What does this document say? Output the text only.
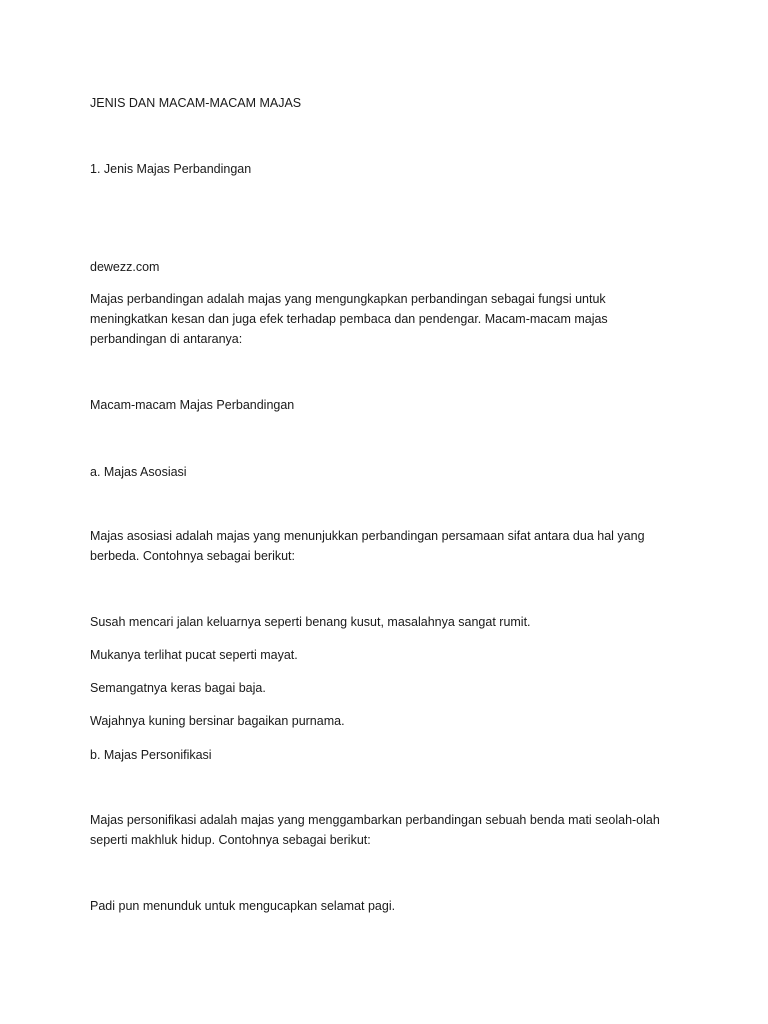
JENIS DAN MACAM-MACAM MAJAS

1. Jenis Majas Perbandingan

dewezz.com

Majas perbandingan adalah majas yang mengungkapkan perbandingan sebagai fungsi untuk

meningkatkan kesan dan juga efek terhadap pembaca dan pendengar. Macam-macam majas

perbandingan di antaranya:

Macam-macam Majas Perbandingan

a. Majas Asosiasi

Majas asosiasi adalah majas yang menunjukkan perbandingan persamaan sifat antara dua hal yang

berbeda. Contohnya sebagai berikut:

Susah mencari jalan keluarnya seperti benang kusut, masalahnya sangat rumit.

Mukanya terlihat pucat seperti mayat.

Semangatnya keras bagai baja.

Wajahnya kuning bersinar bagaikan purnama.

b. Majas Personifikasi

Majas personifikasi adalah majas yang menggambarkan perbandingan sebuah benda mati seolah-olah

seperti makhluk hidup. Contohnya sebagai berikut:

Padi pun menunduk untuk mengucapkan selamat pagi.
